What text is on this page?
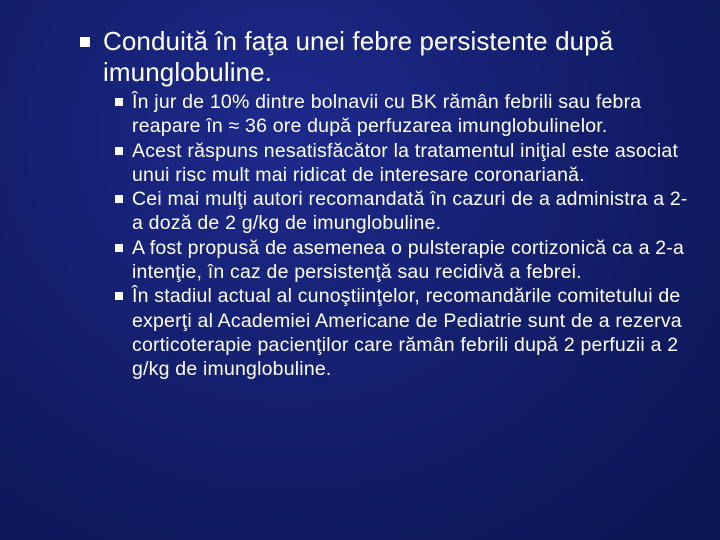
Conduită în faţa unei febre persistente după imunglobuline.
În jur de 10% dintre bolnavii cu BK rămân febrili sau febra reapare în ≈ 36 ore după perfuzarea imunglobulinelor.
Acest răspuns nesatisfăcător la tratamentul iniţial este asociat unui risc mult mai ridicat de interesare coronariană.
Cei mai mulţi autori recomandată în cazuri de a administra a 2-a doză de 2 g/kg de imunglobuline.
A fost propusă de asemenea o pulsterapie cortizonică ca a 2-a intenţie, în caz de persistenţă sau recidivă a febrei.
În stadiul actual al cunoştiinţelor, recomandările comitetului de experţi al Academiei Americane de Pediatrie sunt de a rezerva corticoterapie pacienţilor care rămân febrili după 2 perfuzii a 2 g/kg de imunglobuline.
